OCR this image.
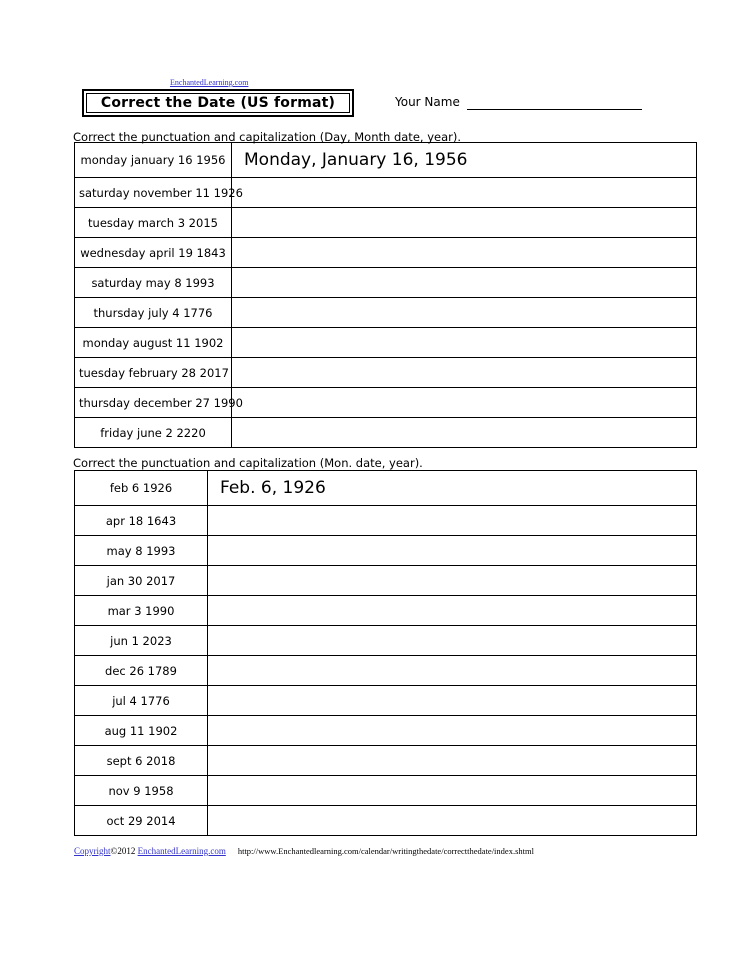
EnchantedLearning.com
Correct the Date (US format)	Your Name
Correct the punctuation and capitalization (Day, Month date, year).
monday january 16 1956	Monday, January 16, 1956
saturday november 11 1926	
tuesday march 3 2015	
wednesday april 19 1843	
saturday may 8 1993	
thursday july 4 1776	
monday august 11 1902	
tuesday february 28 2017	
thursday december 27 1990	
friday june 2 2220	
Correct the punctuation and capitalization (Mon. date, year).
feb 6 1926	Feb. 6, 1926
apr 18 1643	
may 8 1993	
jan 30 2017	
mar 3 1990	
jun 1 2023	
dec 26 1789	
jul 4 1776	
aug 11 1902	
sept 6 2018	
nov 9 1958	
oct 29 2014	
Copyright©2012 EnchantedLearning.com http://www.Enchantedlearning.com/calendar/writingthedate/correctthedate/index.shtml
